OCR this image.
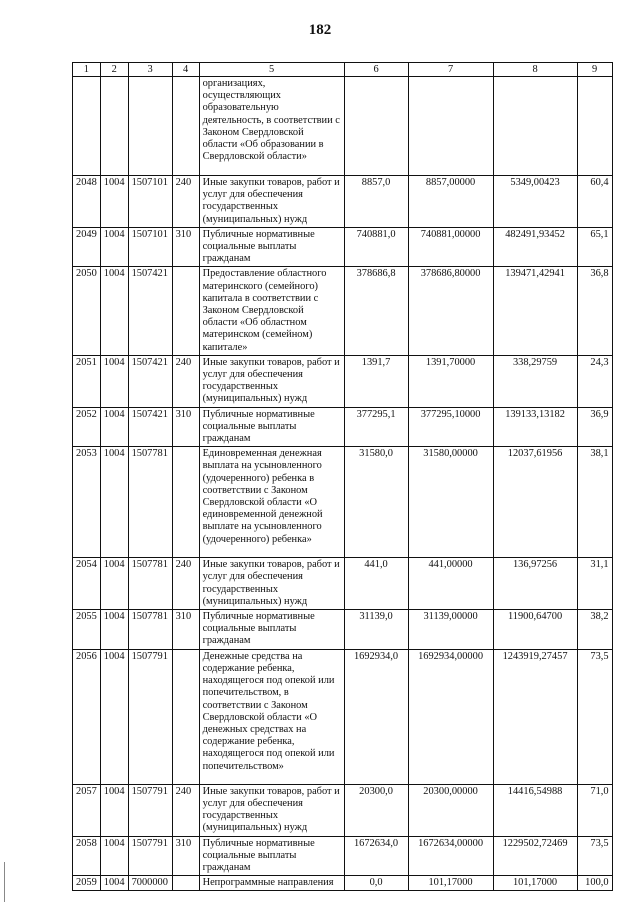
182
1	2	3	4	5	6	7	8	9
				организациях, осуществляющих образовательную деятельность, в соответствии с Законом Свердловской области «Об образовании в Свердловской области»				
2048	1004	1507101	240	Иные закупки товаров, работ и услуг для обеспечения государственных (муниципальных) нужд	8857,0	8857,00000	5349,00423	60,4
2049	1004	1507101	310	Публичные нормативные социальные выплаты гражданам	740881,0	740881,00000	482491,93452	65,1
2050	1004	1507421		Предоставление областного материнского (семейного) капитала в соответствии с Законом Свердловской области «Об областном материнском (семейном) капитале»	378686,8	378686,80000	139471,42941	36,8
2051	1004	1507421	240	Иные закупки товаров, работ и услуг для обеспечения государственных (муниципальных) нужд	1391,7	1391,70000	338,29759	24,3
2052	1004	1507421	310	Публичные нормативные социальные выплаты гражданам	377295,1	377295,10000	139133,13182	36,9
2053	1004	1507781		Единовременная денежная выплата на усыновленного (удочеренного) ребенка в соответствии с Законом Свердловской области «О единовременной денежной выплате на усыновленного (удочеренного) ребенка»	31580,0	31580,00000	12037,61956	38,1
2054	1004	1507781	240	Иные закупки товаров, работ и услуг для обеспечения государственных (муниципальных) нужд	441,0	441,00000	136,97256	31,1
2055	1004	1507781	310	Публичные нормативные социальные выплаты гражданам	31139,0	31139,00000	11900,64700	38,2
2056	1004	1507791		Денежные средства на содержание ребенка, находящегося под опекой или попечительством, в соответствии с Законом Свердловской области «О денежных средствах на содержание ребенка, находящегося под опекой или попечительством»	1692934,0	1692934,00000	1243919,27457	73,5
2057	1004	1507791	240	Иные закупки товаров, работ и услуг для обеспечения государственных (муниципальных) нужд	20300,0	20300,00000	14416,54988	71,0
2058	1004	1507791	310	Публичные нормативные социальные выплаты гражданам	1672634,0	1672634,00000	1229502,72469	73,5
2059	1004	7000000		Непрограммные направления	0,0	101,17000	101,17000	100,0
